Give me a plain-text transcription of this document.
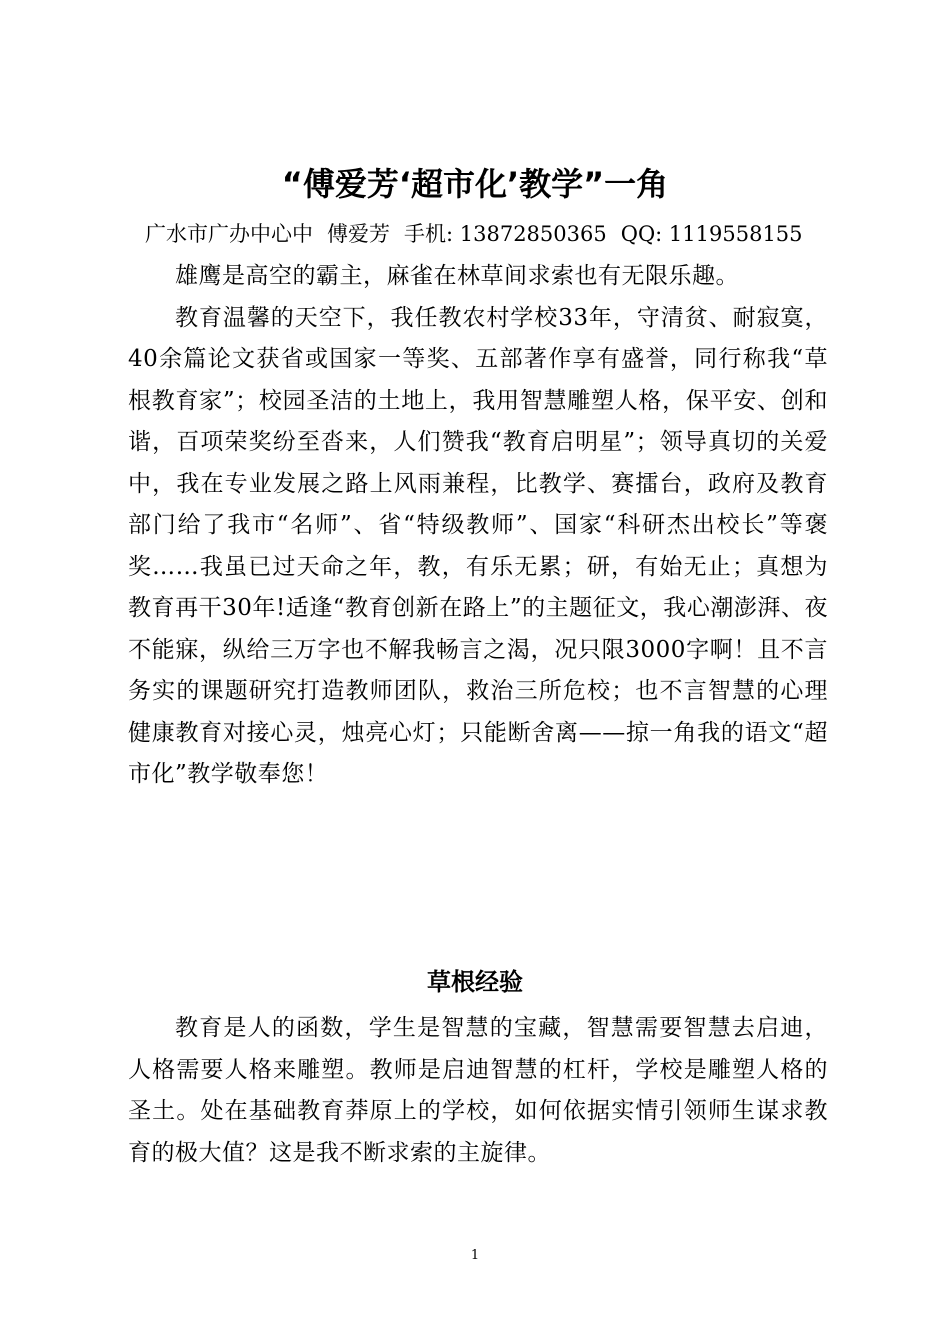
“傅爱芳‘超市化’教学”一角
广水市广办中心中 傅爱芳 手机: 13872850365 QQ: 1119558155

雄鹰是高空的霸主，麻雀在林草间求索也有无限乐趣。

教育温馨的天空下，我任教农村学校33年，守清贫、耐寂寞，40余篇论文获省或国家一等奖、五部著作享有盛誉，同行称我“草根教育家”；校园圣洁的土地上，我用智慧雕塑人格，保平安、创和谐，百项荣奖纷至沓来，人们赞我“教育启明星”；领导真切的关爱中，我在专业发展之路上风雨兼程，比教学、赛擂台，政府及教育部门给了我市“名师”、省“特级教师”、国家“科研杰出校长”等褒奖……我虽已过天命之年，教，有乐无累；研，有始无止；真想为教育再干30年!适逢“教育创新在路上”的主题征文，我心潮澎湃、夜不能寐，纵给三万字也不解我畅言之渴，况只限3000字啊！且不言务实的课题研究打造教师团队，救治三所危校；也不言智慧的心理健康教育对接心灵，烛亮心灯；只能断舍离——掠一角我的语文“超市化”教学敬奉您！

草根经验

教育是人的函数，学生是智慧的宝藏，智慧需要智慧去启迪，人格需要人格来雕塑。教师是启迪智慧的杠杆，学校是雕塑人格的圣土。处在基础教育莽原上的学校，如何依据实情引领师生谋求教育的极大值？这是我不断求索的主旋律。

1
